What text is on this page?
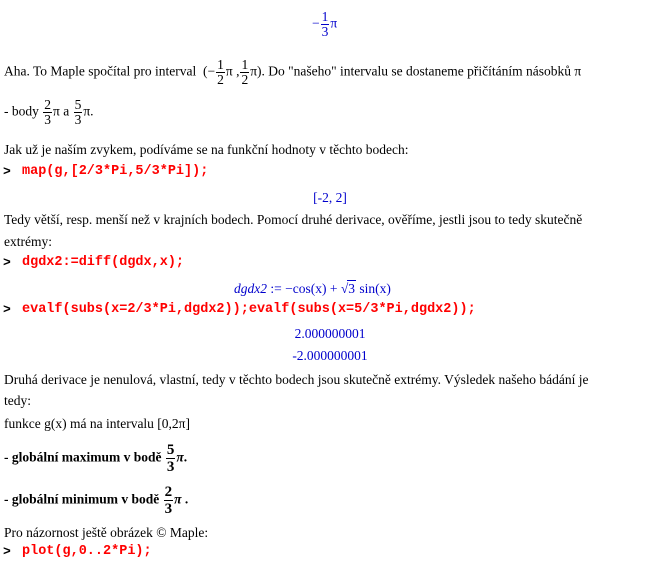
− $\frac{1}{3}$ π
Aha. To Maple spočítal pro interval (− $\frac{1}{2}$ π , $\frac{1}{2} \pi$). Do "našeho" intervalu se dostaneme přičítáním násobků π
- body $\frac{2}{3}$ π a $\frac{5}{3} \pi$.
Jak už je naším zvykem, podíváme se na funkční hodnoty v těchto bodech:
> map(g,[2/3*Pi,5/3*Pi]);
[-2, 2]
Tedy větší, resp. menší než v krajních bodech. Pomocí druhé derivace, ověříme, jestli jsou to tedy skutečně
extrémy:
> dgdx2:=diff(dgdx,x);
dgdx2 := −cos(x) + √3 sin(x)
> evalf(subs(x=2/3*Pi,dgdx2));evalf(subs(x=5/3*Pi,dgdx2));
2.000000001
-2.000000001
Druhá derivace je nenulová, vlastní, tedy v těchto bodech jsou skutečně extrémy. Výsledek našeho bádání je
tedy:
funkce g(x) má na intervalu [0,2π]
- globální maximum v bodě $\frac{5}{3} \pi$.
- globální minimum v bodě $\frac{2}{3}$ π .
Pro názornost ještě obrázek © Maple:
> plot(g,0..2*Pi);
